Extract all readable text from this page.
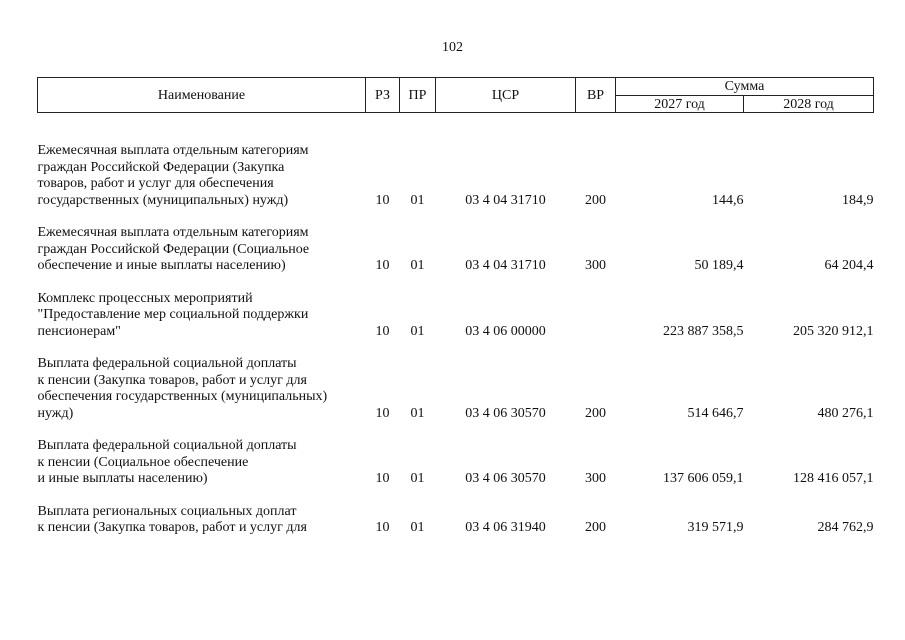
102
Наименование	РЗ	ПР	ЦСР	ВР	Сумма	
					2027 год	2028 год

Ежемесячная выплата отдельным категориям
граждан Российской Федерации (Закупка
товаров, работ и услуг для обеспечения
государственных (муниципальных) нужд)	10	01	03 4 04 31710	200	144,6	184,9

Ежемесячная выплата отдельным категориям
граждан Российской Федерации (Социальное
обеспечение и иные выплаты населению)	10	01	03 4 04 31710	300	50 189,4	64 204,4

Комплекс процессных мероприятий
"Предоставление мер социальной поддержки
пенсионерам"	10	01	03 4 06 00000		223 887 358,5	205 320 912,1

Выплата федеральной социальной доплаты
к пенсии (Закупка товаров, работ и услуг для
обеспечения государственных (муниципальных)
нужд)	10	01	03 4 06 30570	200	514 646,7	480 276,1

Выплата федеральной социальной доплаты
к пенсии (Социальное обеспечение
и иные выплаты населению)	10	01	03 4 06 30570	300	137 606 059,1	128 416 057,1

Выплата региональных социальных доплат
к пенсии (Закупка товаров, работ и услуг для	10	01	03 4 06 31940	200	319 571,9	284 762,9
